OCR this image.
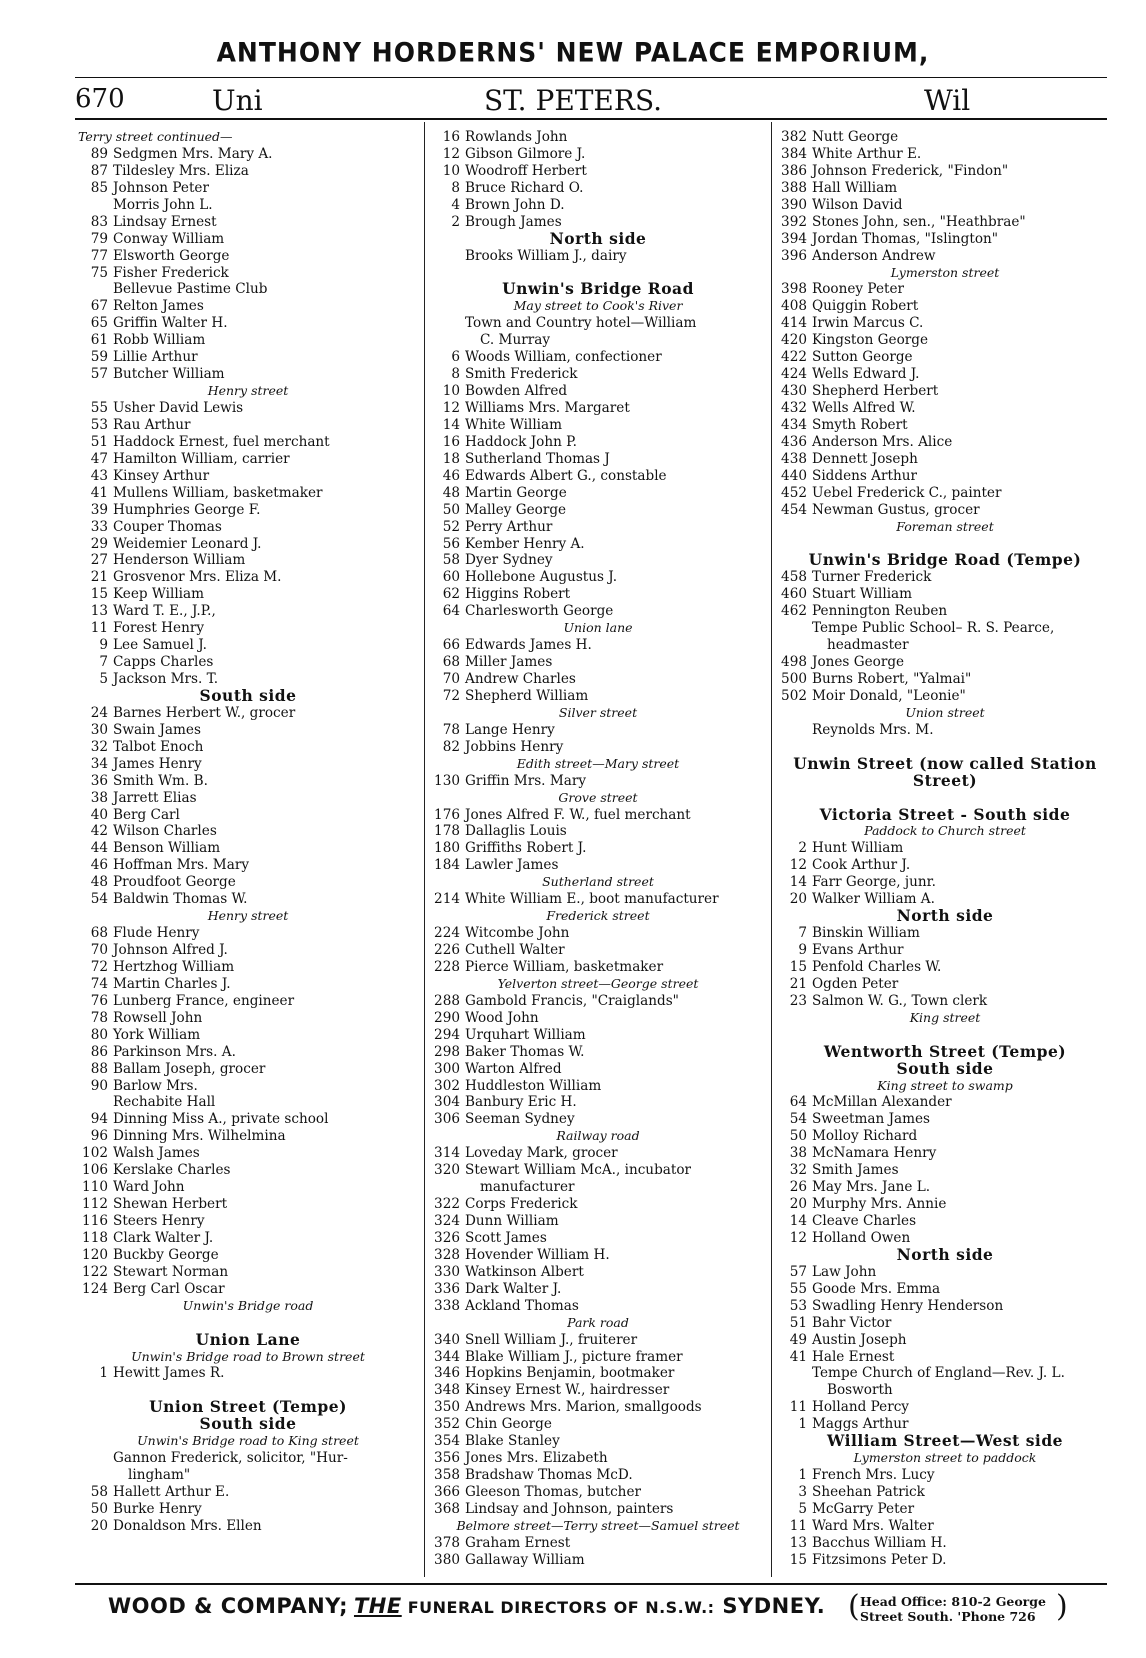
ANTHONY HORDERNS' NEW PALACE EMPORIUM,
670	Uni	ST. PETERS.	Wil
Terry street continued—
89 Sedgmen Mrs. Mary A.
87 Tildesley Mrs. Eliza
85 Johnson Peter
Morris John L.
83 Lindsay Ernest
79 Conway William
77 Elsworth George
75 Fisher Frederick
Bellevue Pastime Club
67 Relton James
65 Griffin Walter H.
61 Robb William
59 Lillie Arthur
57 Butcher William
Henry street
55 Usher David Lewis
53 Rau Arthur
51 Haddock Ernest, fuel merchant
47 Hamilton William, carrier
43 Kinsey Arthur
41 Mullens William, basketmaker
39 Humphries George F.
33 Couper Thomas
29 Weidemier Leonard J.
27 Henderson William
21 Grosvenor Mrs. Eliza M.
15 Keep William
13 Ward T. E., J.P.,
11 Forest Henry
9 Lee Samuel J.
7 Capps Charles
5 Jackson Mrs. T.
South side
24 Barnes Herbert W., grocer
30 Swain James
32 Talbot Enoch
34 James Henry
36 Smith Wm. B.
38 Jarrett Elias
40 Berg Carl
42 Wilson Charles
44 Benson William
46 Hoffman Mrs. Mary
48 Proudfoot George
54 Baldwin Thomas W.
Henry street
68 Flude Henry
70 Johnson Alfred J.
72 Hertzhog William
74 Martin Charles J.
76 Lunberg France, engineer
78 Rowsell John
80 York William
86 Parkinson Mrs. A.
88 Ballam Joseph, grocer
90 Barlow Mrs.
Rechabite Hall
94 Dinning Miss A., private school
96 Dinning Mrs. Wilhelmina
102 Walsh James
106 Kerslake Charles
110 Ward John
112 Shewan Herbert
116 Steers Henry
118 Clark Walter J.
120 Buckby George
122 Stewart Norman
124 Berg Carl Oscar
Unwin's Bridge road
Union Lane
Unwin's Bridge road to Brown street
1 Hewitt James R.
Union Street (Tempe)
South side
Unwin's Bridge road to King street
Gannon Frederick, solicitor, "Hur-
lingham"
58 Hallett Arthur E.
50 Burke Henry
20 Donaldson Mrs. Ellen
16 Rowlands John
12 Gibson Gilmore J.
10 Woodroff Herbert
8 Bruce Richard O.
4 Brown John D.
2 Brough James
North side
Brooks William J., dairy
Unwin's Bridge Road
May street to Cook's River
Town and Country hotel—William
C. Murray
6 Woods William, confectioner
8 Smith Frederick
10 Bowden Alfred
12 Williams Mrs. Margaret
14 White William
16 Haddock John P.
18 Sutherland Thomas J
46 Edwards Albert G., constable
48 Martin George
50 Malley George
52 Perry Arthur
56 Kember Henry A.
58 Dyer Sydney
60 Hollebone Augustus J.
62 Higgins Robert
64 Charlesworth George
Union lane
66 Edwards James H.
68 Miller James
70 Andrew Charles
72 Shepherd William
Silver street
78 Lange Henry
82 Jobbins Henry
Edith street—Mary street
130 Griffin Mrs. Mary
Grove street
176 Jones Alfred F. W., fuel merchant
178 Dallaglis Louis
180 Griffiths Robert J.
184 Lawler James
Sutherland street
214 White William E., boot manufacturer
Frederick street
224 Witcombe John
226 Cuthell Walter
228 Pierce William, basketmaker
Yelverton street—George street
288 Gambold Francis, "Craiglands"
290 Wood John
294 Urquhart William
298 Baker Thomas W.
300 Warton Alfred
302 Huddleston William
304 Banbury Eric H.
306 Seeman Sydney
Railway road
314 Loveday Mark, grocer
320 Stewart William McA., incubator
manufacturer
322 Corps Frederick
324 Dunn William
326 Scott James
328 Hovender William H.
330 Watkinson Albert
336 Dark Walter J.
338 Ackland Thomas
Park road
340 Snell William J., fruiterer
344 Blake William J., picture framer
346 Hopkins Benjamin, bootmaker
348 Kinsey Ernest W., hairdresser
350 Andrews Mrs. Marion, smallgoods
352 Chin George
354 Blake Stanley
356 Jones Mrs. Elizabeth
358 Bradshaw Thomas McD.
366 Gleeson Thomas, butcher
368 Lindsay and Johnson, painters
Belmore street—Terry street—Samuel street
378 Graham Ernest
380 Gallaway William
382 Nutt George
384 White Arthur E.
386 Johnson Frederick, "Findon"
388 Hall William
390 Wilson David
392 Stones John, sen., "Heathbrae"
394 Jordan Thomas, "Islington"
396 Anderson Andrew
Lymerston street
398 Rooney Peter
408 Quiggin Robert
414 Irwin Marcus C.
420 Kingston George
422 Sutton George
424 Wells Edward J.
430 Shepherd Herbert
432 Wells Alfred W.
434 Smyth Robert
436 Anderson Mrs. Alice
438 Dennett Joseph
440 Siddens Arthur
452 Uebel Frederick C., painter
454 Newman Gustus, grocer
Foreman street
Unwin's Bridge Road (Tempe)
458 Turner Frederick
460 Stuart William
462 Pennington Reuben
Tempe Public School– R. S. Pearce,
headmaster
498 Jones George
500 Burns Robert, "Yalmai"
502 Moir Donald, "Leonie"
Union street
Reynolds Mrs. M.
Unwin Street (now called Station
Street)
Victoria Street - South side
Paddock to Church street
2 Hunt William
12 Cook Arthur J.
14 Farr George, junr.
20 Walker William A.
North side
7 Binskin William
9 Evans Arthur
15 Penfold Charles W.
21 Ogden Peter
23 Salmon W. G., Town clerk
King street
Wentworth Street (Tempe)
South side
King street to swamp
64 McMillan Alexander
54 Sweetman James
50 Molloy Richard
38 McNamara Henry
32 Smith James
26 May Mrs. Jane L.
20 Murphy Mrs. Annie
14 Cleave Charles
12 Holland Owen
North side
57 Law John
55 Goode Mrs. Emma
53 Swadling Henry Henderson
51 Bahr Victor
49 Austin Joseph
41 Hale Ernest
Tempe Church of England—Rev. J. L.
Bosworth
11 Holland Percy
1 Maggs Arthur
William Street—West side
Lymerston street to paddock
1 French Mrs. Lucy
3 Sheehan Patrick
5 McGarry Peter
11 Ward Mrs. Walter
13 Bacchus William H.
15 Fitzsimons Peter D.
WOOD & COMPANY; THE FUNERAL DIRECTORS OF N.S.W.: SYDNEY. ( Head Office: 810-2 George
Street South. 'Phone 726 )
